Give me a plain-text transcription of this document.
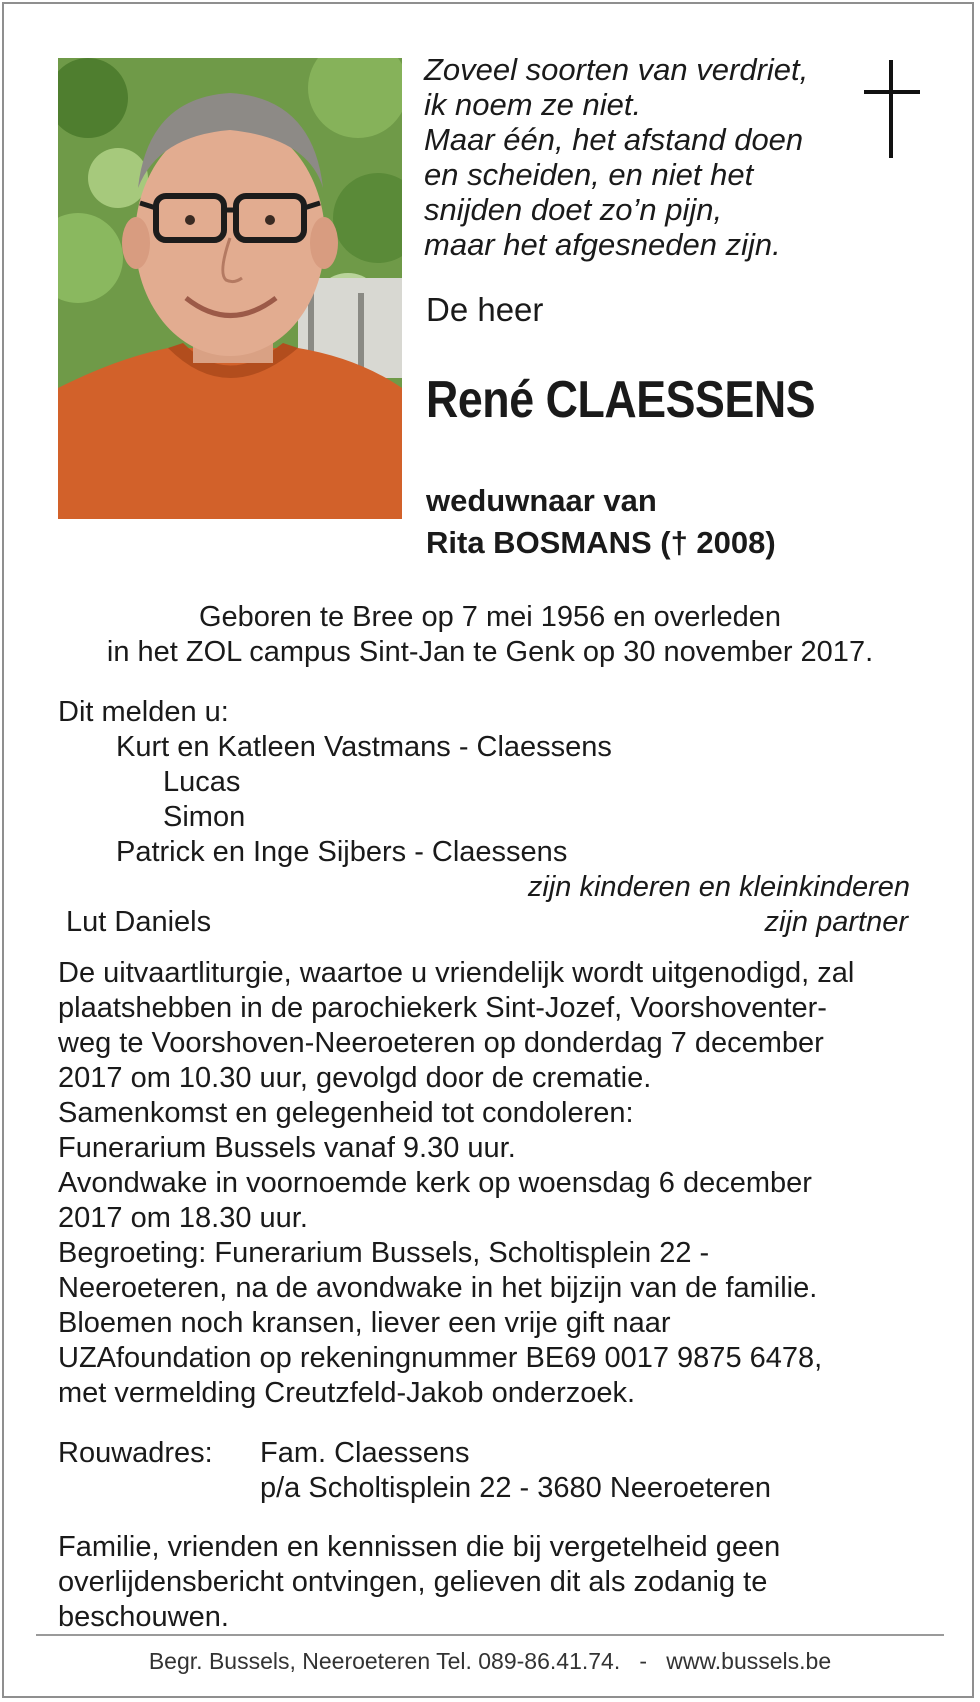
Zoveel soorten van verdriet,
ik noem ze niet.
Maar één, het afstand doen
en scheiden, en niet het
snijden doet zo’n pijn,
maar het afgesneden zijn.
De heer
René CLAESSENS
weduwnaar van
Rita BOSMANS († 2008)
Geboren te Bree op 7 mei 1956 en overleden
in het ZOL campus Sint-Jan te Genk op 30 november 2017.
Dit melden u:
Kurt en Katleen Vastmans - Claessens
Lucas
Simon
Patrick en Inge Sijbers - Claessens
zijn kinderen en kleinkinderen
Lut Daniels	zijn partner
De uitvaartliturgie, waartoe u vriendelijk wordt uitgenodigd, zal
plaatshebben in de parochiekerk Sint-Jozef, Voorshoventer-
weg te Voorshoven-Neeroeteren op donderdag 7 december
2017 om 10.30 uur, gevolgd door de crematie.
Samenkomst en gelegenheid tot condoleren:
Funerarium Bussels vanaf 9.30 uur.
Avondwake in voornoemde kerk op woensdag 6 december
2017 om 18.30 uur.
Begroeting: Funerarium Bussels, Scholtisplein 22 -
Neeroeteren, na de avondwake in het bijzijn van de familie.
Bloemen noch kransen, liever een vrije gift naar
UZAfoundation op rekeningnummer BE69 0017 9875 6478,
met vermelding Creutzfeld-Jakob onderzoek.
Rouwadres: Fam. Claessens
p/a Scholtisplein 22 - 3680 Neeroeteren
Familie, vrienden en kennissen die bij vergetelheid geen
overlijdensbericht ontvingen, gelieven dit als zodanig te
beschouwen.
Begr. Bussels, Neeroeteren Tel. 089-86.41.74.   -   www.bussels.be
